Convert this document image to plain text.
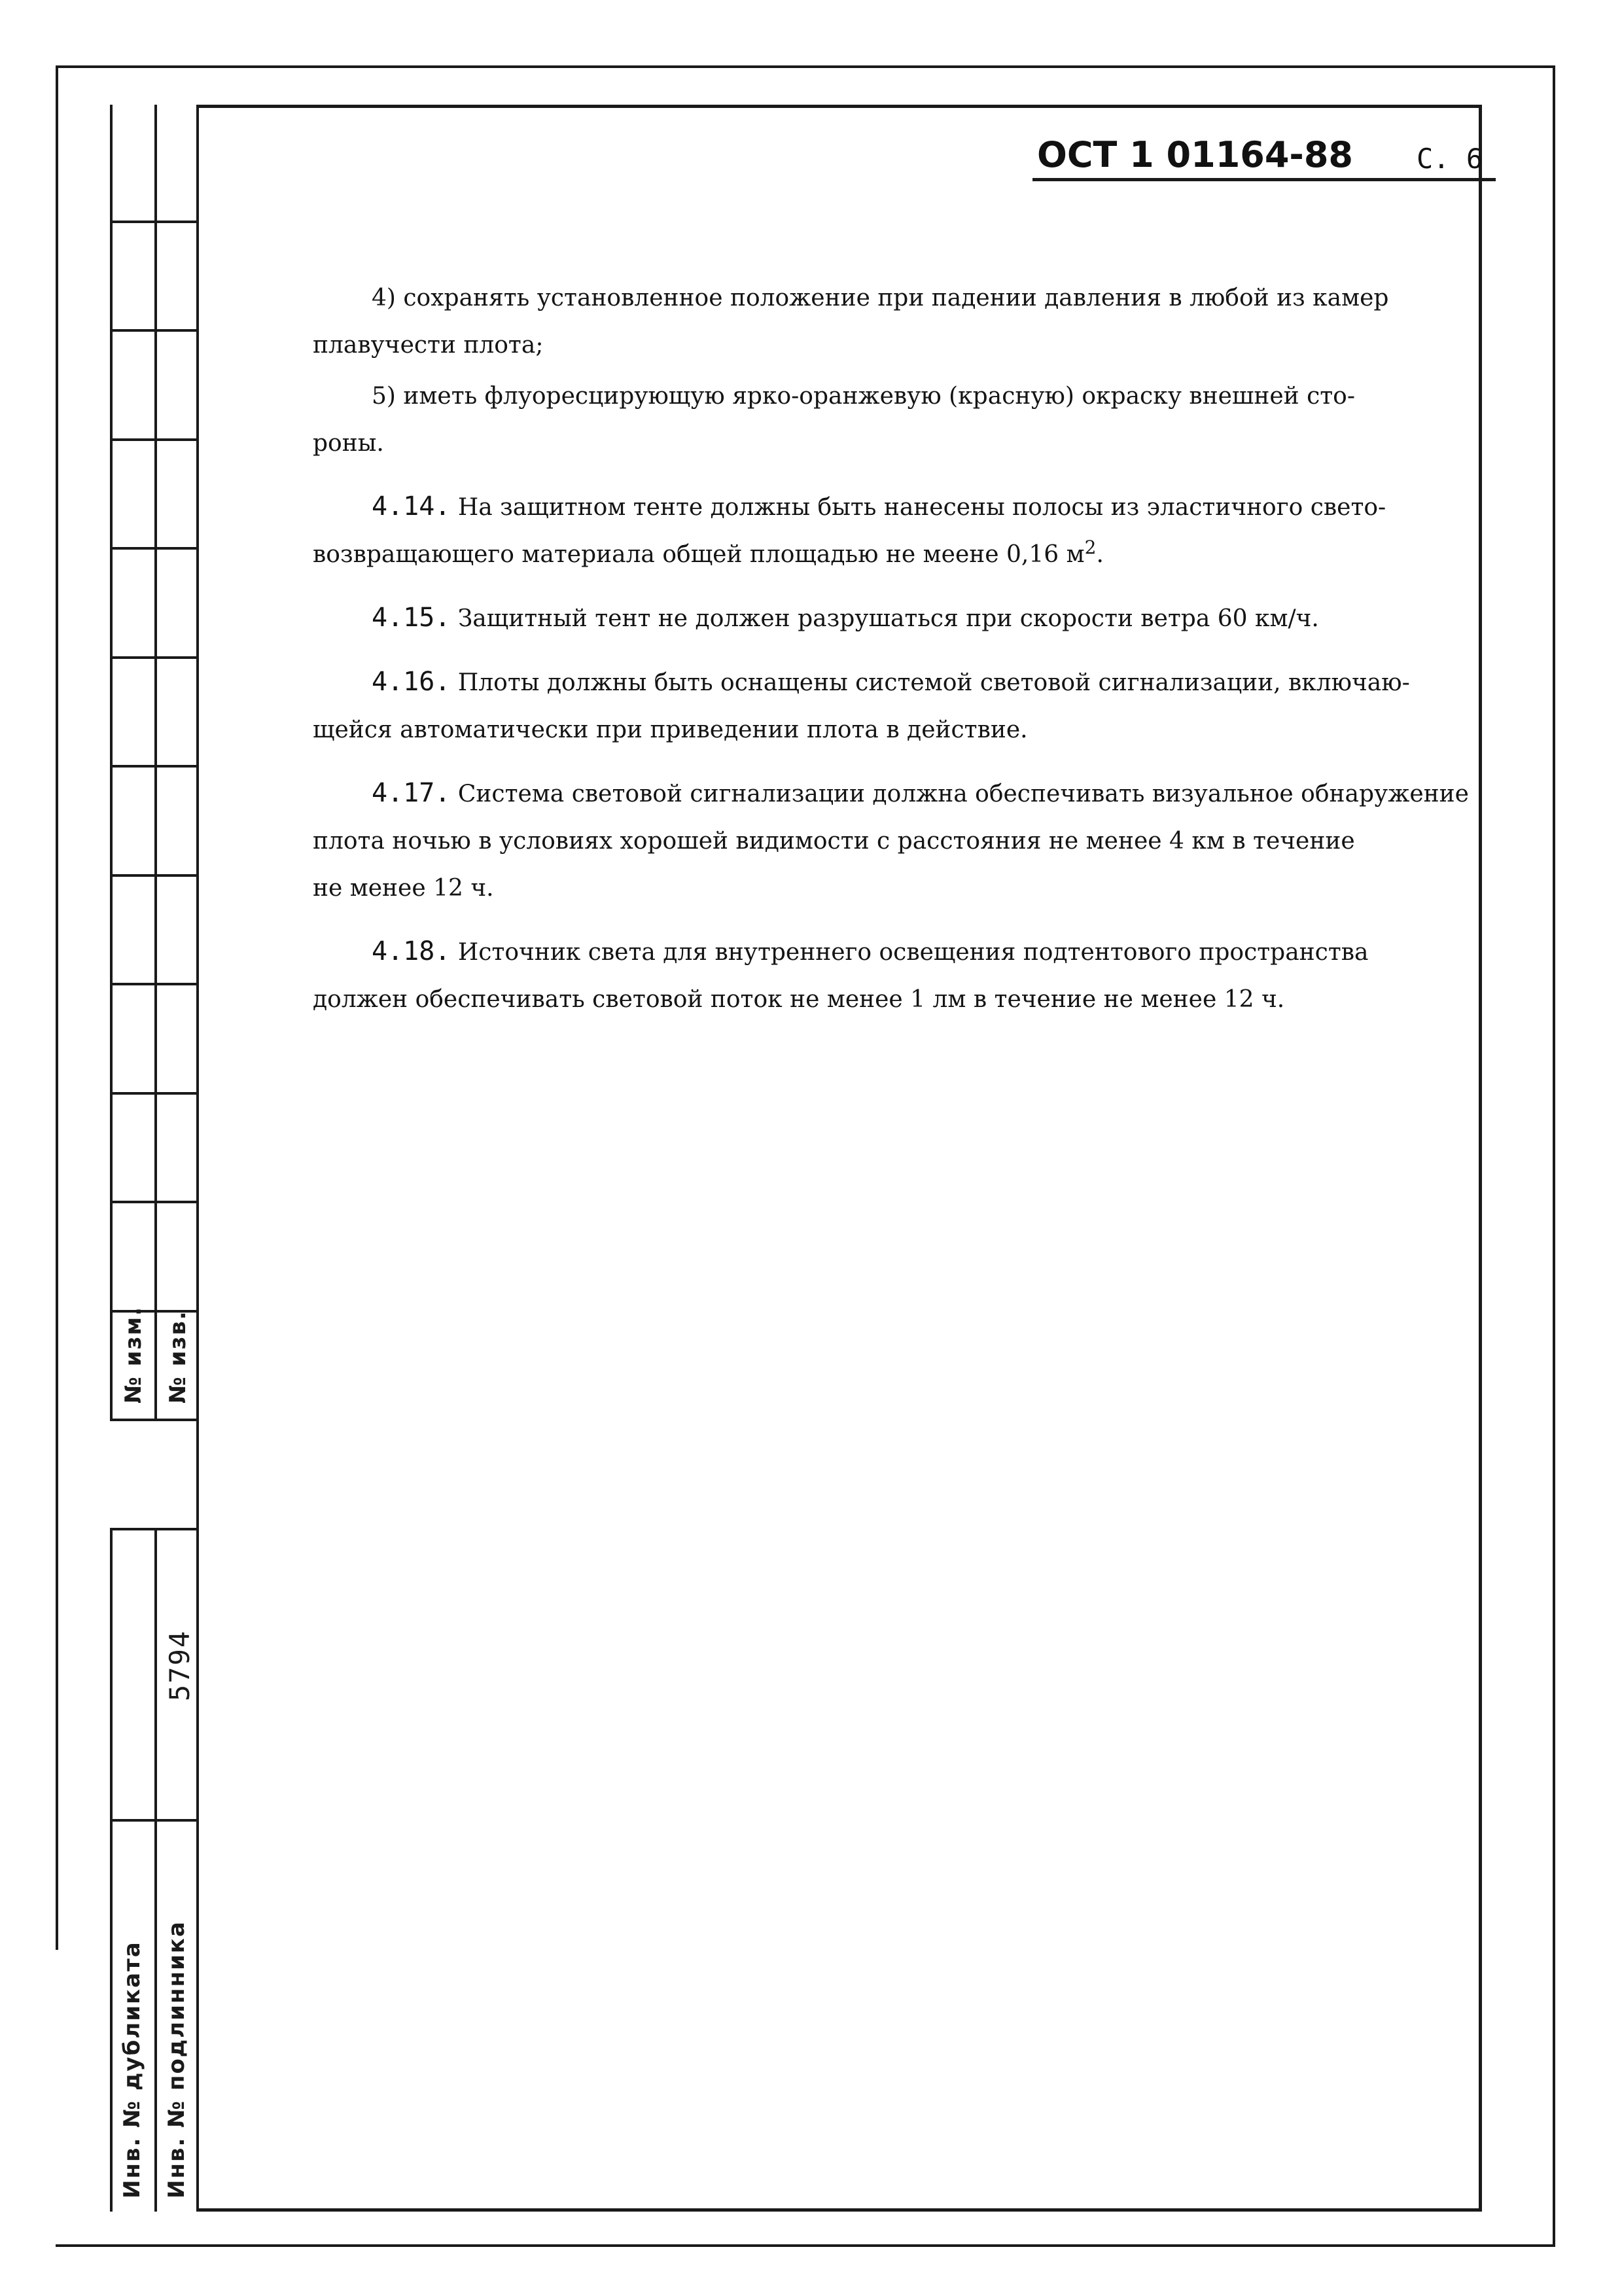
№ изм. № изв.
5794
Инв. № дубликата Инв. № подлинника
ОСТ 1 01164-88 С. 6

4) сохранять установленное положение при падении давления в любой из камер
плавучести плота;

5) иметь флуоресцирующую ярко-оранжевую (красную) окраску внешней сто-
роны.

4.14. На защитном тенте должны быть нанесены полосы из эластичного свето-
возвращающего материала общей площадью не меене 0,16 $м^2$.

4.15. Защитный тент не должен разрушаться при скорости ветра 60 км/ч.

4.16. Плоты должны быть оснащены системой световой сигнализации, включаю-
щейся автоматически при приведении плота в действие.

4.17. Система световой сигнализации должна обеспечивать визуальное обнаружение
плота ночью в условиях хорошей видимости с расстояния не менее 4 км в течение
не менее 12 ч.

4.18. Источник света для внутреннего освещения подтентового пространства
должен обеспечивать световой поток не менее 1 лм в течение не менее 12 ч.
